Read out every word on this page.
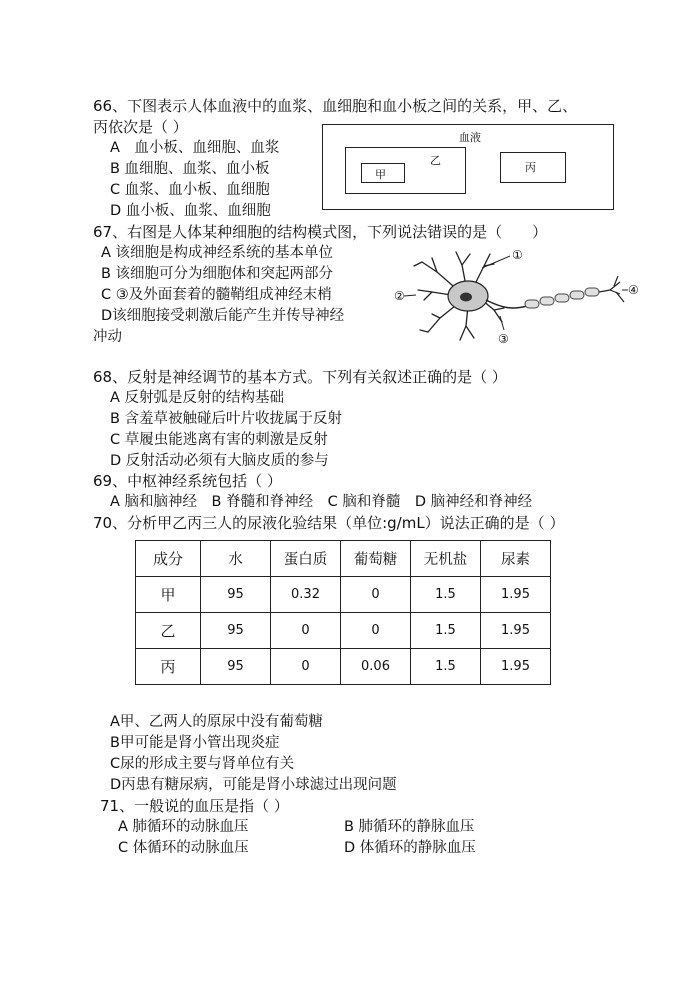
66、下图表示人体血液中的血浆、血细胞和血小板之间的关系，甲、乙、
丙依次是（ ）
A　血小板、血细胞、血浆
B 血细胞、血浆、血小板
C 血浆、血小板、血细胞
D 血小板、血浆、血细胞
血液
乙
甲
丙
67、右图是人体某种细胞的结构模式图，下列说法错误的是（　　）
A 该细胞是构成神经系统的基本单位
B 该细胞可分为细胞体和突起两部分
C ③及外面套着的髓鞘组成神经末梢
D该细胞接受刺激后能产生并传导神经
冲动
①
②
③
④
68、反射是神经调节的基本方式。下列有关叙述正确的是（ ）
A 反射弧是反射的结构基础
B 含羞草被触碰后叶片收拢属于反射
C 草履虫能逃离有害的刺激是反射
D 反射活动必须有大脑皮质的参与
69、中枢神经系统包括（ ）
A 脑和脑神经　B 脊髓和脊神经　C 脑和脊髓　D 脑神经和脊神经
70、分析甲乙丙三人的尿液化验结果（单位:g/mL）说法正确的是（ ）
成分	水	蛋白质	葡萄糖	无机盐	尿素
甲	95	0.32	0	1.5	1.95
乙	95	0	0	1.5	1.95
丙	95	0	0.06	1.5	1.95
A甲、乙两人的原尿中没有葡萄糖
B甲可能是肾小管出现炎症
C尿的形成主要与肾单位有关
D丙患有糖尿病，可能是肾小球滤过出现问题
71、一般说的血压是指（ ）
A 肺循环的动脉血压	B 肺循环的静脉血压
C 体循环的动脉血压	D 体循环的静脉血压
